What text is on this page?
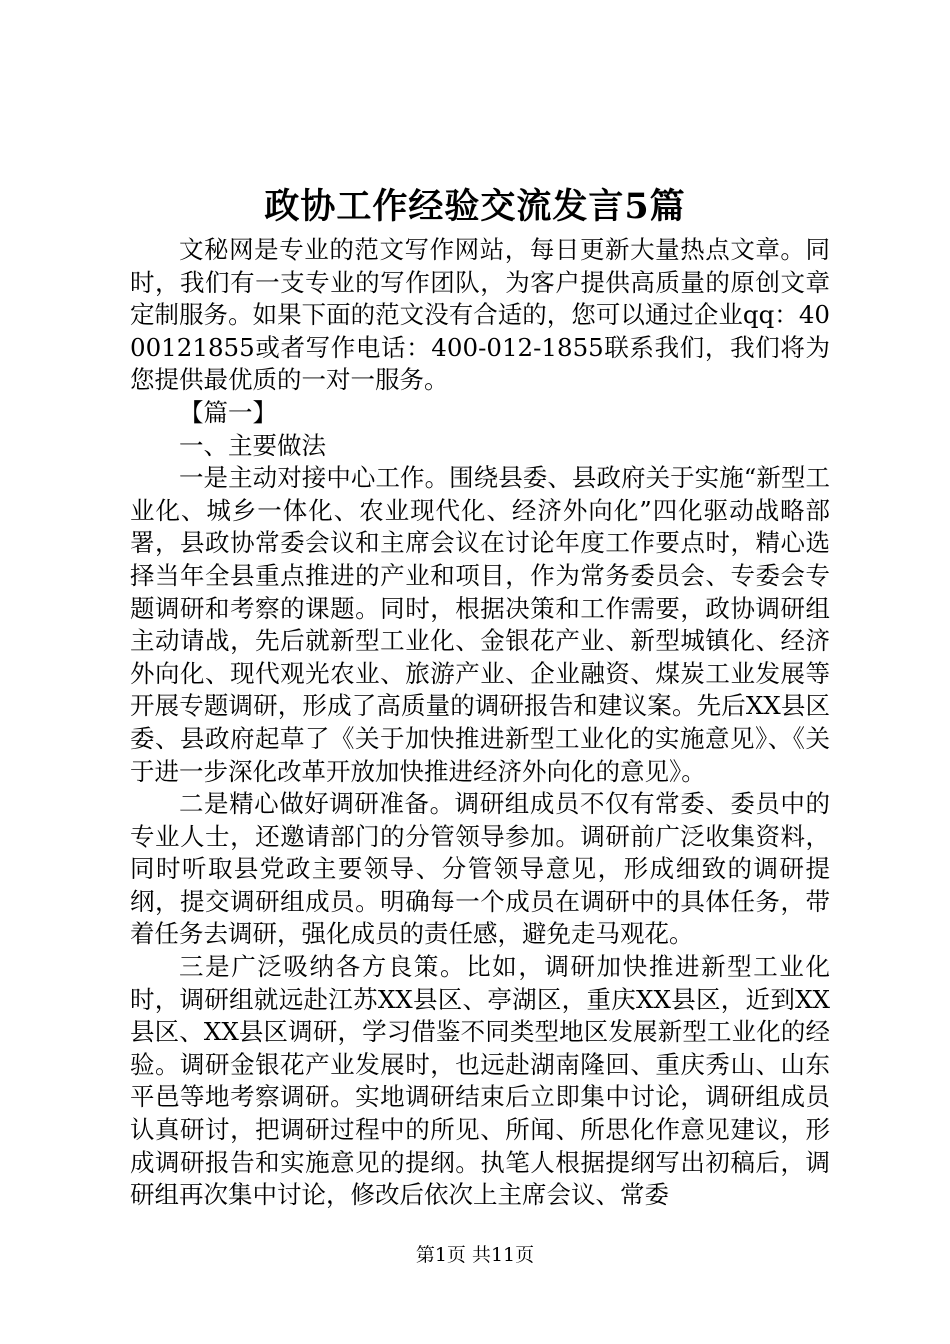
政协工作经验交流发言5篇

文秘网是专业的范文写作网站，每日更新大量热点文章。同时，我们有一支专业的写作团队，为客户提供高质量的原创文章定制服务。如果下面的范文没有合适的，您可以通过企业qq：4000121855或者写作电话：400-012-1855联系我们，我们将为您提供最优质的一对一服务。

【篇一】

一、主要做法

一是主动对接中心工作。围绕县委、县政府关于实施“新型工业化、城乡一体化、农业现代化、经济外向化”四化驱动战略部署，县政协常委会议和主席会议在讨论年度工作要点时，精心选择当年全县重点推进的产业和项目，作为常务委员会、专委会专题调研和考察的课题。同时，根据决策和工作需要，政协调研组主动请战，先后就新型工业化、金银花产业、新型城镇化、经济外向化、现代观光农业、旅游产业、企业融资、煤炭工业发展等开展专题调研，形成了高质量的调研报告和建议案。先后XX县区委、县政府起草了《关于加快推进新型工业化的实施意见》、《关于进一步深化改革开放加快推进经济外向化的意见》。

二是精心做好调研准备。调研组成员不仅有常委、委员中的专业人士，还邀请部门的分管领导参加。调研前广泛收集资料，同时听取县党政主要领导、分管领导意见，形成细致的调研提纲，提交调研组成员。明确每一个成员在调研中的具体任务，带着任务去调研，强化成员的责任感，避免走马观花。

三是广泛吸纳各方良策。比如，调研加快推进新型工业化时，调研组就远赴江苏XX县区、亭湖区，重庆XX县区，近到XX县区、XX县区调研，学习借鉴不同类型地区发展新型工业化的经验。调研金银花产业发展时，也远赴湖南隆回、重庆秀山、山东平邑等地考察调研。实地调研结束后立即集中讨论，调研组成员认真研讨，把调研过程中的所见、所闻、所思化作意见建议，形成调研报告和实施意见的提纲。执笔人根据提纲写出初稿后，调研组再次集中讨论，修改后依次上主席会议、常委

第1页 共11页
